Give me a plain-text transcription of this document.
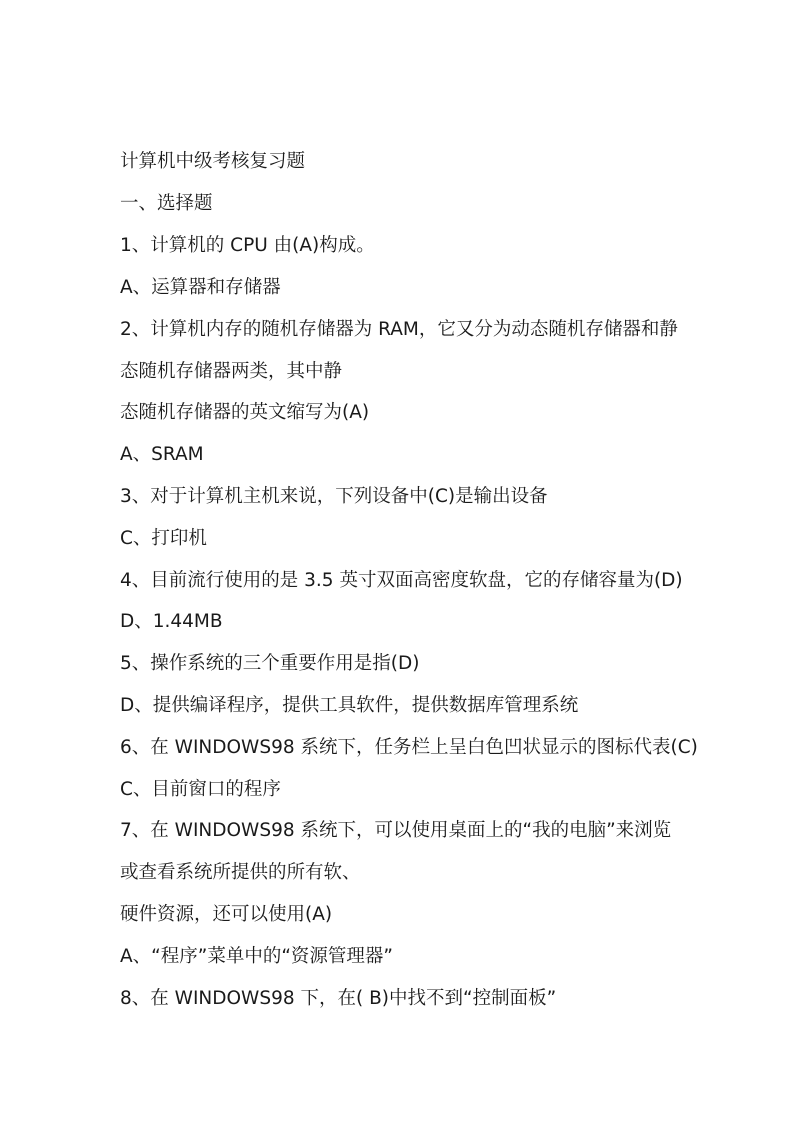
计算机中级考核复习题
一、选择题
1、计算机的 CPU 由(A)构成。
A、运算器和存储器
2、计算机内存的随机存储器为 RAM，它又分为动态随机存储器和静
态随机存储器两类，其中静
态随机存储器的英文缩写为(A)
A、SRAM
3、对于计算机主机来说，下列设备中(C)是输出设备
C、打印机
4、目前流行使用的是 3.5 英寸双面高密度软盘，它的存储容量为(D)
D、1.44MB
5、操作系统的三个重要作用是指(D)
D、提供编译程序，提供工具软件，提供数据库管理系统
6、在 WINDOWS98 系统下，任务栏上呈白色凹状显示的图标代表(C)
C、目前窗口的程序
7、在 WINDOWS98 系统下，可以使用桌面上的“我的电脑”来浏览
或查看系统所提供的所有软、
硬件资源，还可以使用(A)
A、“程序”菜单中的“资源管理器”
8、在 WINDOWS98 下，在( B)中找不到“控制面板”
